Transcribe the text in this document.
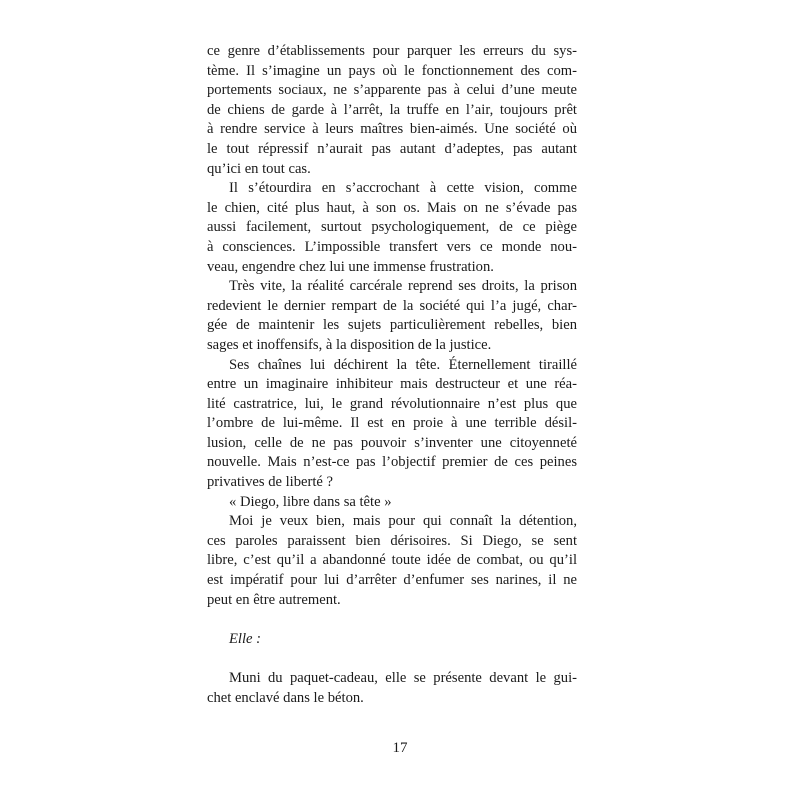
ce genre d’établissements pour parquer les erreurs du sys-
tème. Il s’imagine un pays où le fonctionnement des com-
portements sociaux, ne s’apparente pas à celui d’une meute
de chiens de garde à l’arrêt, la truffe en l’air, toujours prêt
à rendre service à leurs maîtres bien-aimés. Une société où
le tout répressif n’aurait pas autant d’adeptes, pas autant
qu’ici en tout cas.
Il s’étourdira en s’accrochant à cette vision, comme
le chien, cité plus haut, à son os. Mais on ne s’évade pas
aussi facilement, surtout psychologiquement, de ce piège
à consciences. L’impossible transfert vers ce monde nou-
veau, engendre chez lui une immense frustration.
Très vite, la réalité carcérale reprend ses droits, la prison
redevient le dernier rempart de la société qui l’a jugé, char-
gée de maintenir les sujets particulièrement rebelles, bien
sages et inoffensifs, à la disposition de la justice.
Ses chaînes lui déchirent la tête. Éternellement tiraillé
entre un imaginaire inhibiteur mais destructeur et une réa-
lité castratrice, lui, le grand révolutionnaire n’est plus que
l’ombre de lui-même. Il est en proie à une terrible désil-
lusion, celle de ne pas pouvoir s’inventer une citoyenneté
nouvelle. Mais n’est-ce pas l’objectif premier de ces peines
privatives de liberté ?
« Diego, libre dans sa tête »
Moi je veux bien, mais pour qui connaît la détention,
ces paroles paraissent bien dérisoires. Si Diego, se sent
libre, c’est qu’il a abandonné toute idée de combat, ou qu’il
est impératif pour lui d’arrêter d’enfumer ses narines, il ne
peut en être autrement.
Elle :
Muni du paquet-cadeau, elle se présente devant le gui-
chet enclavé dans le béton.
17
